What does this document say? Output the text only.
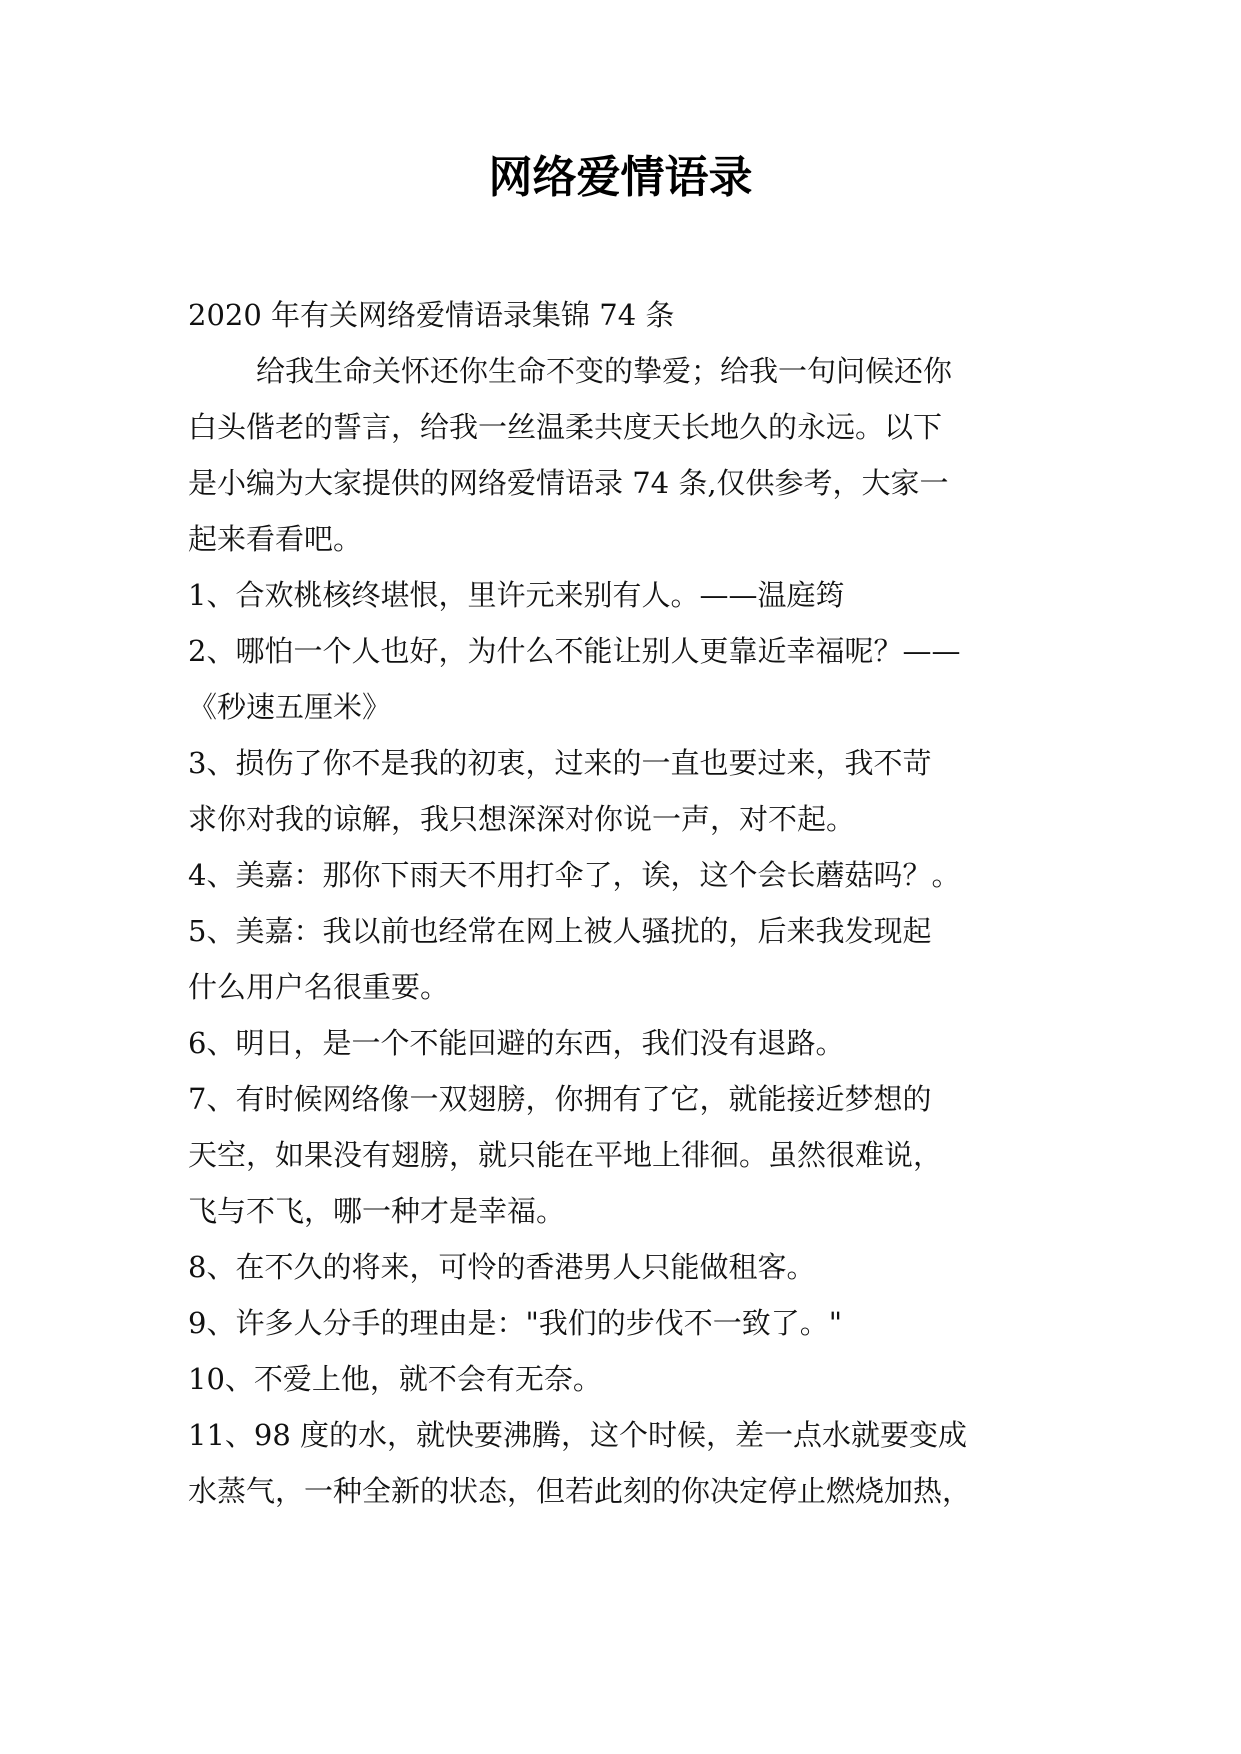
网络爱情语录
2020 年有关网络爱情语录集锦 74 条
给我生命关怀还你生命不变的挚爱；给我一句问候还你
白头偕老的誓言，给我一丝温柔共度天长地久的永远。以下
是小编为大家提供的网络爱情语录 74 条,仅供参考，大家一
起来看看吧。
1、合欢桃核终堪恨，里许元来别有人。——温庭筠
2、哪怕一个人也好，为什么不能让别人更靠近幸福呢？——
《秒速五厘米》
3、损伤了你不是我的初衷，过来的一直也要过来，我不苛
求你对我的谅解，我只想深深对你说一声，对不起。
4、美嘉：那你下雨天不用打伞了，诶，这个会长蘑菇吗？。
5、美嘉：我以前也经常在网上被人骚扰的，后来我发现起
什么用户名很重要。
6、明日，是一个不能回避的东西，我们没有退路。
7、有时候网络像一双翅膀，你拥有了它，就能接近梦想的
天空，如果没有翅膀，就只能在平地上徘徊。虽然很难说，
飞与不飞，哪一种才是幸福。
8、在不久的将来，可怜的香港男人只能做租客。
9、许多人分手的理由是："我们的步伐不一致了。"
10、不爱上他，就不会有无奈。
11、98 度的水，就快要沸腾，这个时候，差一点水就要变成
水蒸气，一种全新的状态，但若此刻的你决定停止燃烧加热，
